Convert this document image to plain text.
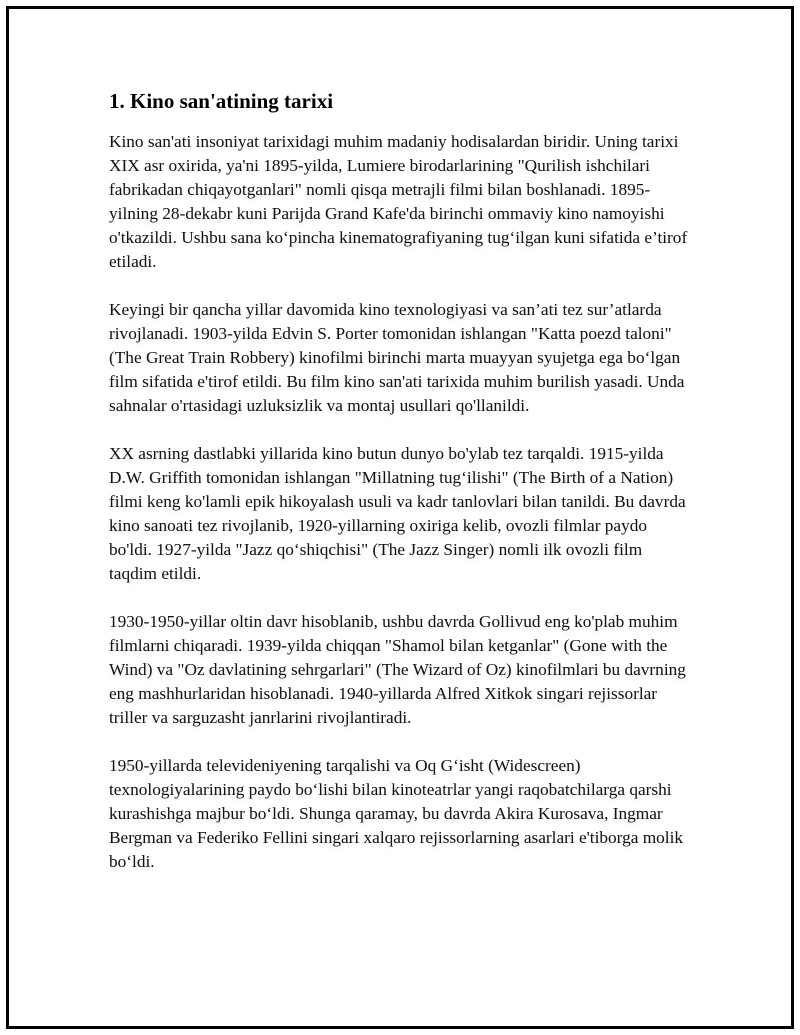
1. Kino san'atining tarixi

Kino san'ati insoniyat tarixidagi muhim madaniy hodisalardan biridir. Uning tarixi XIX asr oxirida, ya'ni 1895-yilda, Lumiere birodarlarining "Qurilish ishchilari fabrikadan chiqayotganlari" nomli qisqa metrajli filmi bilan boshlanadi. 1895-yilning 28-dekabr kuni Parijda Grand Kafe'da birinchi ommaviy kino namoyishi o'tkazildi. Ushbu sana ko‘pincha kinematografiyaning tug‘ilgan kuni sifatida e’tirof etiladi.

Keyingi bir qancha yillar davomida kino texnologiyasi va san’ati tez sur’atlarda rivojlanadi. 1903-yilda Edvin S. Porter tomonidan ishlangan "Katta poezd taloni" (The Great Train Robbery) kinofilmi birinchi marta muayyan syujetga ega bo‘lgan film sifatida e'tirof etildi. Bu film kino san'ati tarixida muhim burilish yasadi. Unda sahnalar o'rtasidagi uzluksizlik va montaj usullari qo'llanildi.

XX asrning dastlabki yillarida kino butun dunyo bo'ylab tez tarqaldi. 1915-yilda D.W. Griffith tomonidan ishlangan "Millatning tug‘ilishi" (The Birth of a Nation) filmi keng ko'lamli epik hikoyalash usuli va kadr tanlovlari bilan tanildi. Bu davrda kino sanoati tez rivojlanib, 1920-yillarning oxiriga kelib, ovozli filmlar paydo bo'ldi. 1927-yilda "Jazz qo‘shiqchisi" (The Jazz Singer) nomli ilk ovozli film taqdim etildi.

1930-1950-yillar oltin davr hisoblanib, ushbu davrda Gollivud eng ko'plab muhim filmlarni chiqaradi. 1939-yilda chiqqan "Shamol bilan ketganlar" (Gone with the Wind) va "Oz davlatining sehrgarlari" (The Wizard of Oz) kinofilmlari bu davrning eng mashhurlaridan hisoblanadi. 1940-yillarda Alfred Xitkok singari rejissorlar triller va sarguzasht janrlarini rivojlantiradi.

1950-yillarda televideniyening tarqalishi va Oq G‘isht (Widescreen) texnologiyalarining paydo bo‘lishi bilan kinoteatrlar yangi raqobatchilarga qarshi kurashishga majbur bo‘ldi. Shunga qaramay, bu davrda Akira Kurosava, Ingmar Bergman va Federiko Fellini singari xalqaro rejissorlarning asarlari e'tiborga molik bo‘ldi.
